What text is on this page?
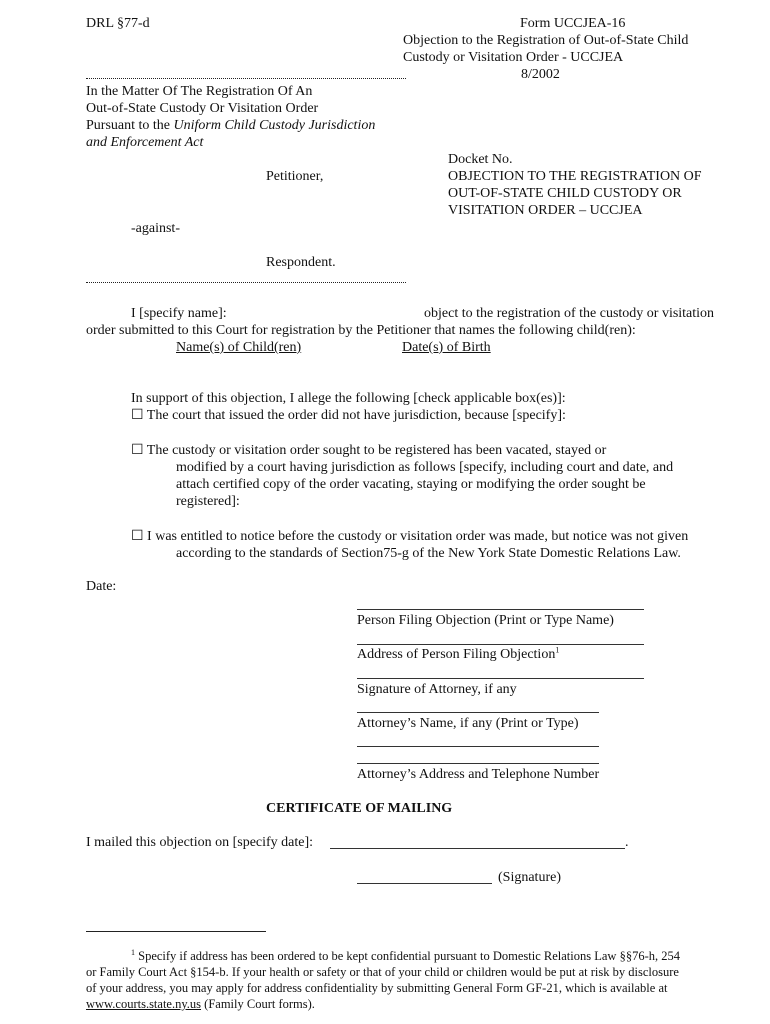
DRL §77-d	Form UCCJEA-16
Objection to the Registration of Out-of-State Child
Custody or Visitation Order - UCCJEA
8/2002
In the Matter Of The Registration Of An
Out-of-State Custody Or Visitation Order
Pursuant to the Uniform Child Custody Jurisdiction
and Enforcement Act
Docket No.
Petitioner,	OBJECTION TO THE REGISTRATION OF
OUT-OF-STATE CHILD CUSTODY OR
VISITATION ORDER – UCCJEA
-against-
Respondent.
I [specify name]:	object to the registration of the custody or visitation
order submitted to this Court for registration by the Petitioner that names the following child(ren):
Name(s) of Child(ren)	Date(s) of Birth
In support of this objection, I allege the following [check applicable box(es)]:
☐ The court that issued the order did not have jurisdiction, because [specify]:
☐ The custody or visitation order sought to be registered has been vacated, stayed or
modified by a court having jurisdiction as follows [specify, including court and date, and
attach certified copy of the order vacating, staying or modifying the order sought be
registered]:
☐ I was entitled to notice before the custody or visitation order was made, but notice was not given
according to the standards of Section75-g of the New York State Domestic Relations Law.
Date:
Person Filing Objection (Print or Type Name)
Address of Person Filing Objection$^1$
Signature of Attorney, if any
Attorney’s Name, if any (Print or Type)
Attorney’s Address and Telephone Number
CERTIFICATE OF MAILING
I mailed this objection on [specify date]:	.
(Signature)
$^1$ Specify if address has been ordered to be kept confidential pursuant to Domestic Relations Law §§76-h, 254
or Family Court Act §154-b. If your health or safety or that of your child or children would be put at risk by disclosure
of your address, you may apply for address confidentiality by submitting General Form GF-21, which is available at
www.courts.state.ny.us (Family Court forms).
